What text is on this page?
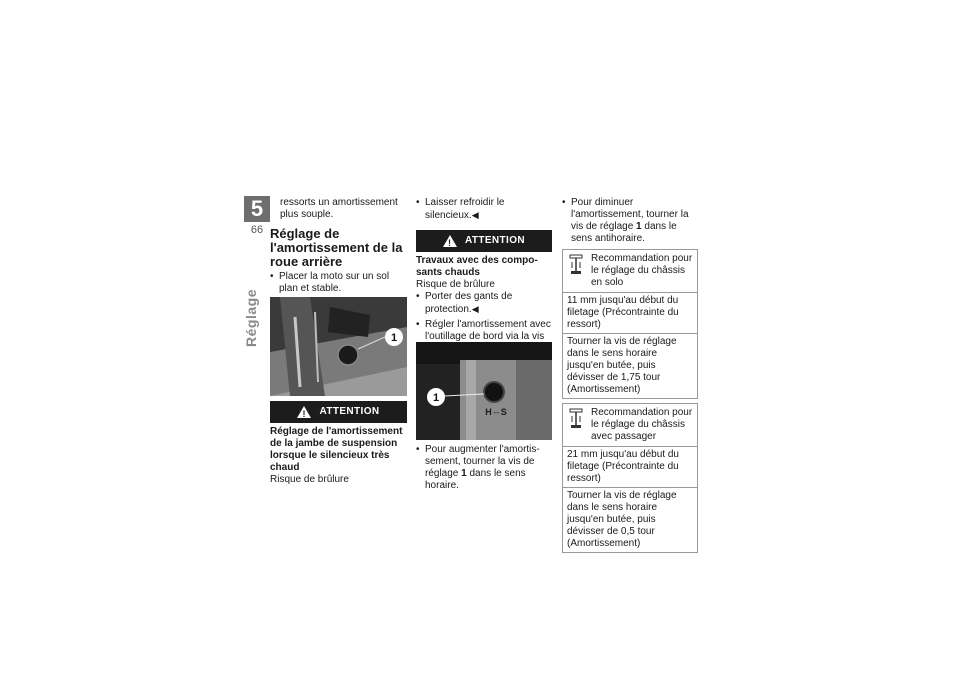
5
66
Réglage

ressorts un amortissement plus souple.

Réglage de l'amortissement de la roue arrière

• Placer la moto sur un sol plan et stable.

1
!
ATTENTION

Réglage de l'amortissement de la jambe de suspension lorsque le silencieux très chaud

Risque de brûlure

• Laisser refroidir le silencieux.◀

!
ATTENTION

Travaux avec des composants chauds

Risque de brûlure

• Porter des gants de protection.◀

• Régler l'amortissement avec l'outillage de bord via la vis

1
H⇔S

• Pour augmenter l'amortissement, tourner la vis de réglage 1 dans le sens horaire.

• Pour diminuer l'amortissement, tourner la vis de réglage 1 dans le sens antihoraire.

Recommandation pour le réglage du châssis en solo
11 mm jusqu'au début du filetage (Précontrainte du ressort)
Tourner la vis de réglage dans le sens horaire jusqu'en butée, puis dévisser de 1,75 tour (Amortissement)
Recommandation pour le réglage du châssis avec passager
21 mm jusqu'au début du filetage (Précontrainte du ressort)
Tourner la vis de réglage dans le sens horaire jusqu'en butée, puis dévisser de 0,5 tour (Amortissement)
